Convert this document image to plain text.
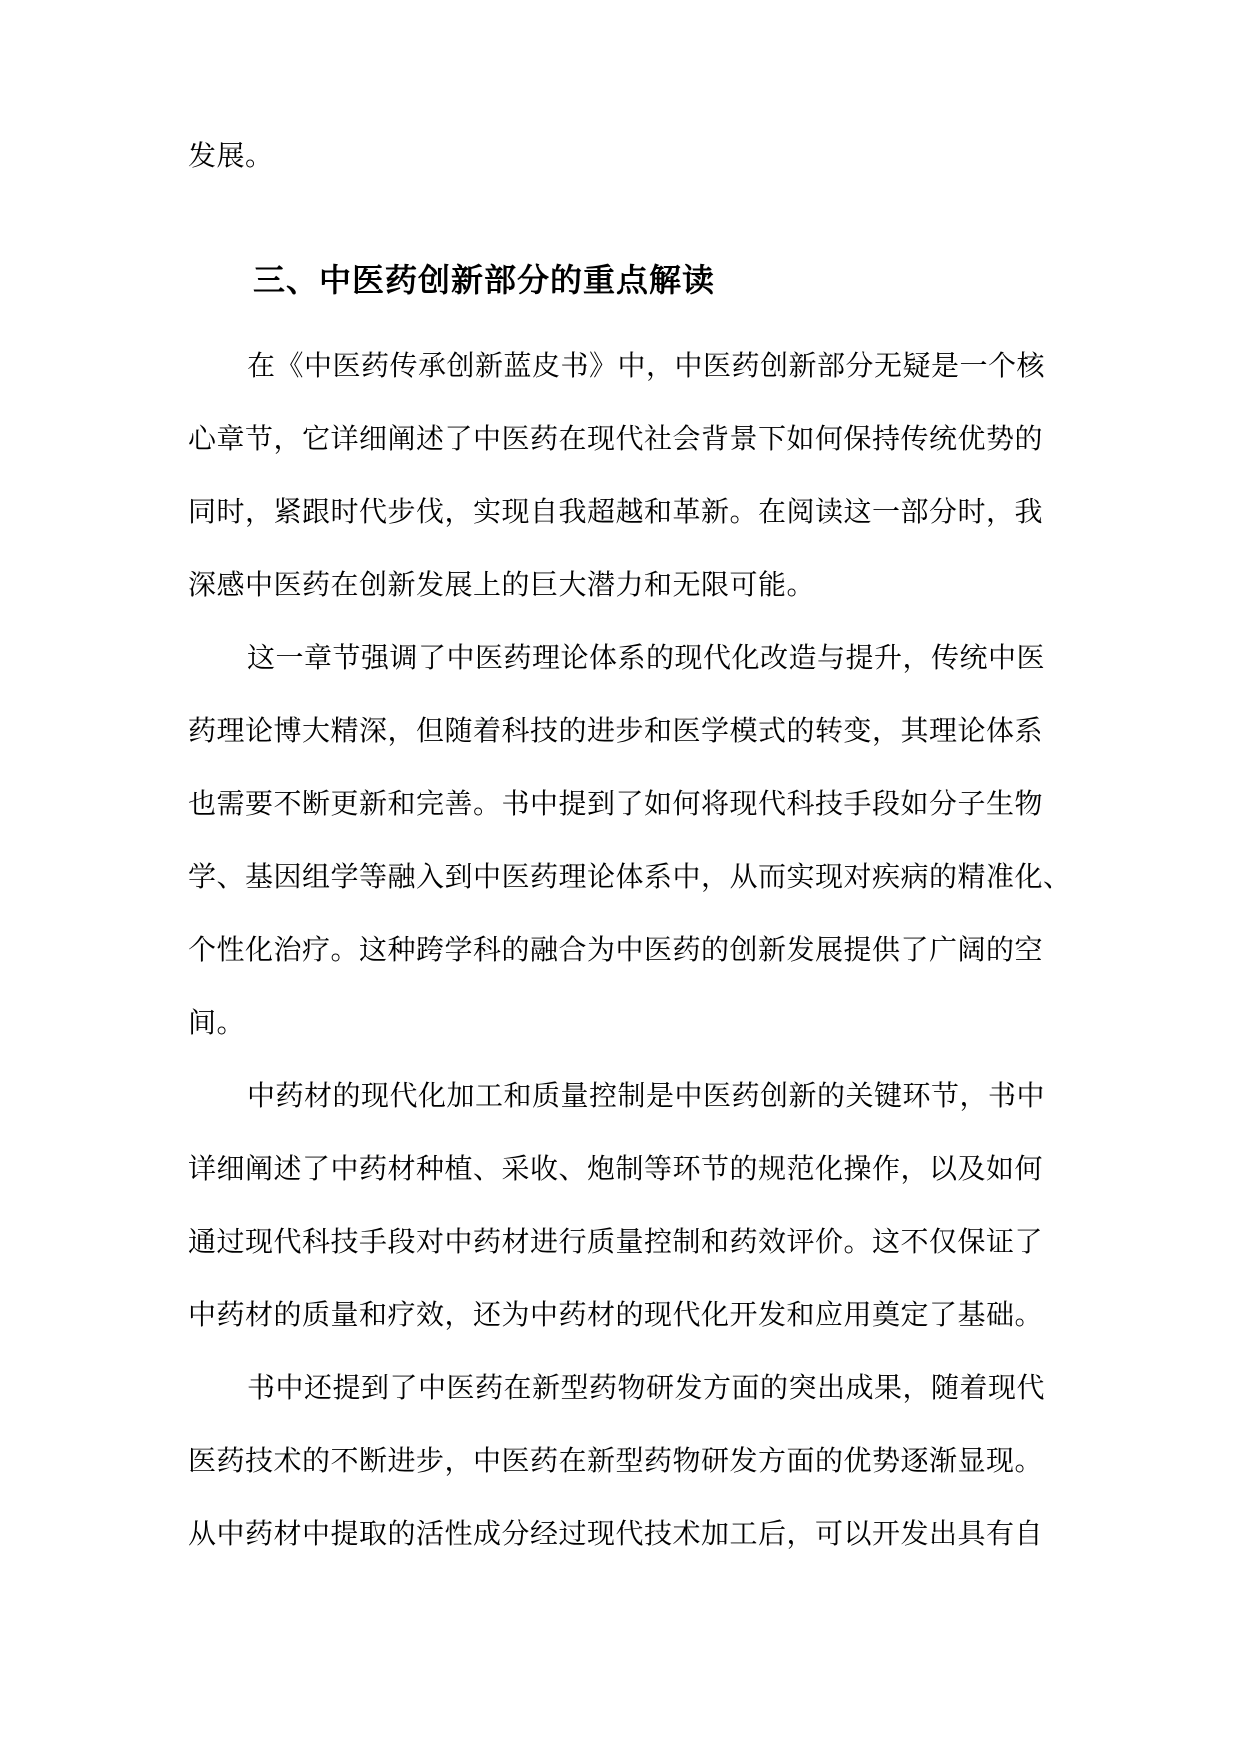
发展。
三、中医药创新部分的重点解读
在《中医药传承创新蓝皮书》中，中医药创新部分无疑是一个核
心章节，它详细阐述了中医药在现代社会背景下如何保持传统优势的
同时，紧跟时代步伐，实现自我超越和革新。在阅读这一部分时，我
深感中医药在创新发展上的巨大潜力和无限可能。
这一章节强调了中医药理论体系的现代化改造与提升，传统中医
药理论博大精深，但随着科技的进步和医学模式的转变，其理论体系
也需要不断更新和完善。书中提到了如何将现代科技手段如分子生物
学、基因组学等融入到中医药理论体系中，从而实现对疾病的精准化、
个性化治疗。这种跨学科的融合为中医药的创新发展提供了广阔的空
间。
中药材的现代化加工和质量控制是中医药创新的关键环节，书中
详细阐述了中药材种植、采收、炮制等环节的规范化操作，以及如何
通过现代科技手段对中药材进行质量控制和药效评价。这不仅保证了
中药材的质量和疗效，还为中药材的现代化开发和应用奠定了基础。
书中还提到了中医药在新型药物研发方面的突出成果，随着现代
医药技术的不断进步，中医药在新型药物研发方面的优势逐渐显现。
从中药材中提取的活性成分经过现代技术加工后，可以开发出具有自
